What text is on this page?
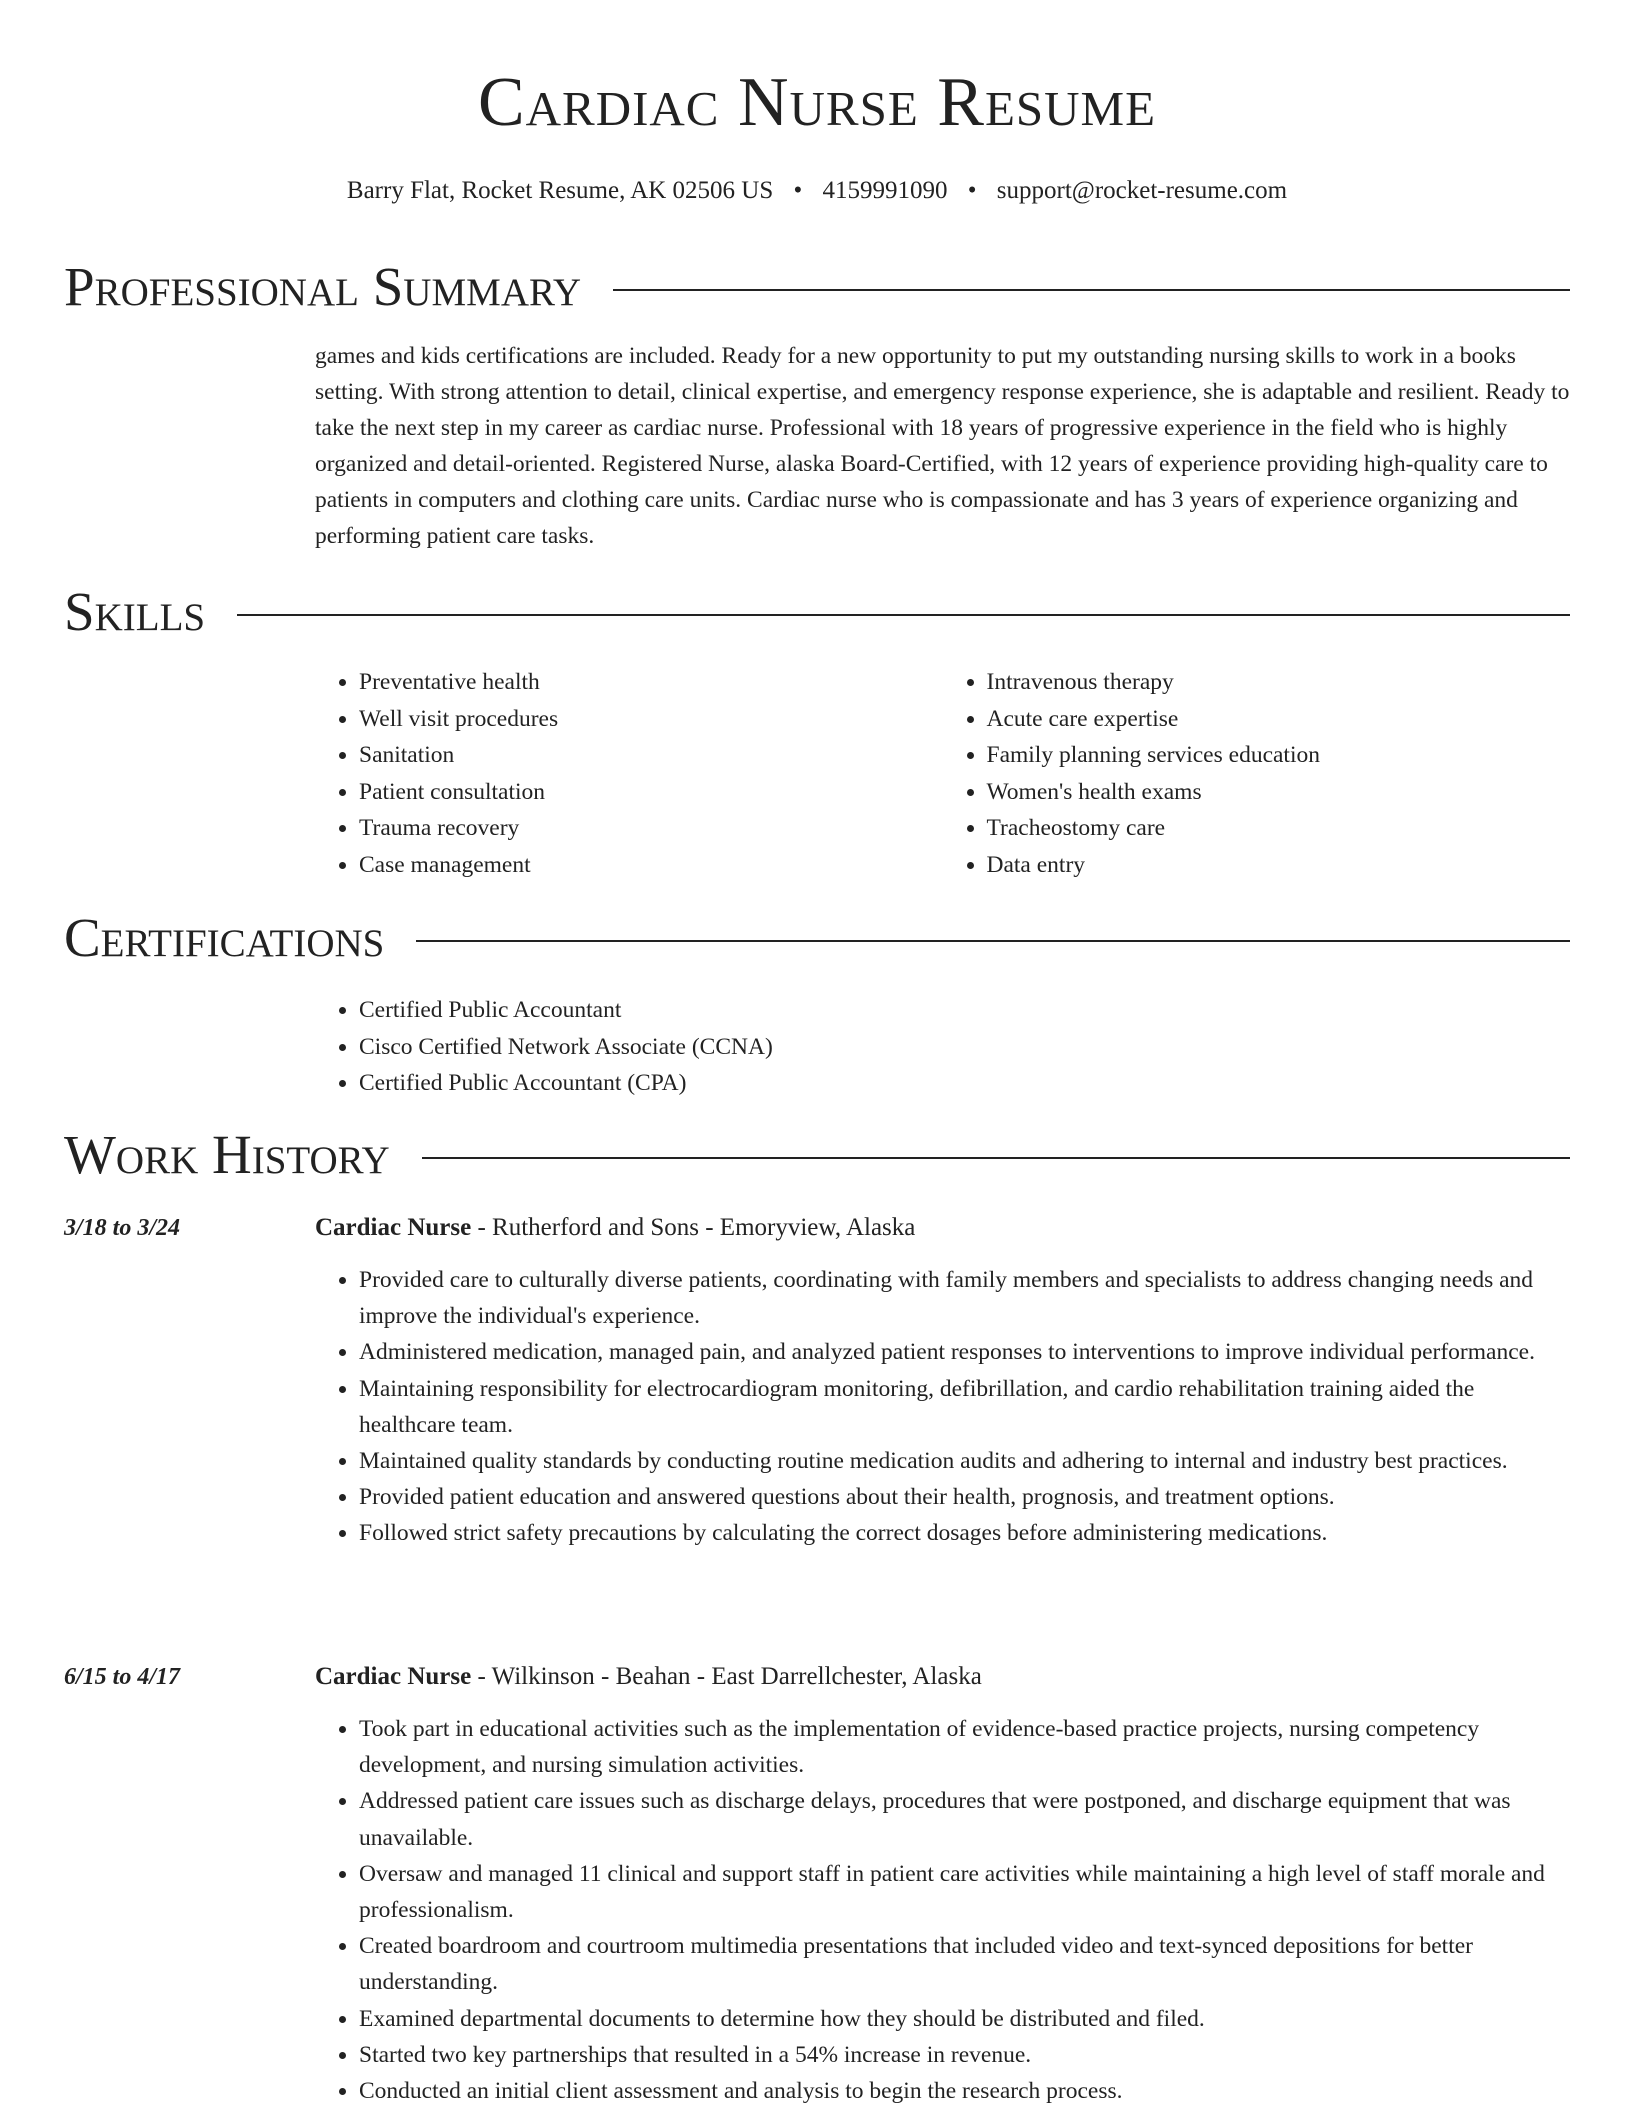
Cardiac Nurse Resume
Barry Flat, Rocket Resume, AK 02506 US • 4159991090 • support@rocket-resume.com
Professional Summary

games and kids certifications are included. Ready for a new opportunity to put my outstanding nursing skills to work in a books setting. With strong attention to detail, clinical expertise, and emergency response experience, she is adaptable and resilient. Ready to take the next step in my career as cardiac nurse. Professional with 18 years of progressive experience in the field who is highly organized and detail-oriented. Registered Nurse, alaska Board-Certified, with 12 years of experience providing high-quality care to patients in computers and clothing care units. Cardiac nurse who is compassionate and has 3 years of experience organizing and performing patient care tasks.

Skills
• Preventative health
• Well visit procedures
• Sanitation
• Patient consultation
• Trauma recovery
• Case management
• Intravenous therapy
• Acute care expertise
• Family planning services education
• Women's health exams
• Tracheostomy care
• Data entry
Certifications
• Certified Public Accountant
• Cisco Certified Network Associate (CCNA)
• Certified Public Accountant (CPA)
Work History
3/18 to 3/24	Cardiac Nurse - Rutherford and Sons - Emoryview, Alaska
• Provided care to culturally diverse patients, coordinating with family members and specialists to address changing needs and improve the individual's experience.
• Administered medication, managed pain, and analyzed patient responses to interventions to improve individual performance.
• Maintaining responsibility for electrocardiogram monitoring, defibrillation, and cardio rehabilitation training aided the healthcare team.
• Maintained quality standards by conducting routine medication audits and adhering to internal and industry best practices.
• Provided patient education and answered questions about their health, prognosis, and treatment options.
• Followed strict safety precautions by calculating the correct dosages before administering medications.
6/15 to 4/17	Cardiac Nurse - Wilkinson - Beahan - East Darrellchester, Alaska
• Took part in educational activities such as the implementation of evidence-based practice projects, nursing competency development, and nursing simulation activities.
• Addressed patient care issues such as discharge delays, procedures that were postponed, and discharge equipment that was unavailable.
• Oversaw and managed 11 clinical and support staff in patient care activities while maintaining a high level of staff morale and professionalism.
• Created boardroom and courtroom multimedia presentations that included video and text-synced depositions for better understanding.
• Examined departmental documents to determine how they should be distributed and filed.
• Started two key partnerships that resulted in a 54% increase in revenue.
• Conducted an initial client assessment and analysis to begin the research process.
